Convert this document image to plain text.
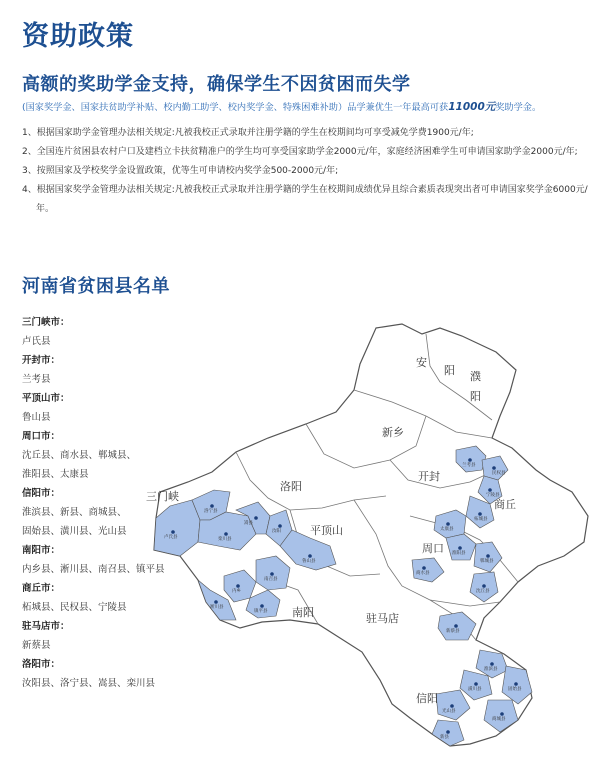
资助政策
高额的奖助学金支持，确保学生不因贫困而失学
(国家奖学金、国家扶贫助学补贴、校内勤工助学、校内奖学金、特殊困难补助）品学兼优生一年最高可获11000元奖助学金。
1、根据国家助学金管理办法相关规定:凡被我校正式录取并注册学籍的学生在校期间均可享受减免学费1900元/年;
2、全国连片贫困县农村户口及建档立卡扶贫精准户的学生均可享受国家助学金2000元/年，家庭经济困难学生可申请国家助学金2000元/年;
3、按照国家及学校奖学金设置政策，优等生可申请校内奖学金500-2000元/年;
4、根据国家奖学金管理办法相关规定:凡被我校正式录取并注册学籍的学生在校期间成绩优异且综合素质表现突出者可申请国家奖学金6000元/年。
河南省贫困县名单
安
阳 濮
阳
新乡
三门峡
洛阳
开封
平顶山
周口
商丘
南阳	驻马店
信阳
兰考县
民权县
宁陵县
柘城县
洛宁县
卢氏县
嵩县
汝阳
栾川县
鲁山县
内乡
南召县
淅川县
镇平县
淮阳县
太康县
郸城县
商水县
沈丘县
新蔡县
淮滨县
潢川县	固始县
光山县
商城县
新县
三门峡市：
卢氏县
开封市：
兰考县
平顶山市：
鲁山县
周口市：
沈丘县、商水县、郸城县、
淮阳县、太康县
信阳市：
淮滨县、新县、商城县、
固始县、潢川县、光山县
南阳市：
内乡县、淅川县、南召县、镇平县
商丘市：
柘城县、民权县、宁陵县
驻马店市：
新蔡县
洛阳市：
汝阳县、洛宁县、嵩县、栾川县
